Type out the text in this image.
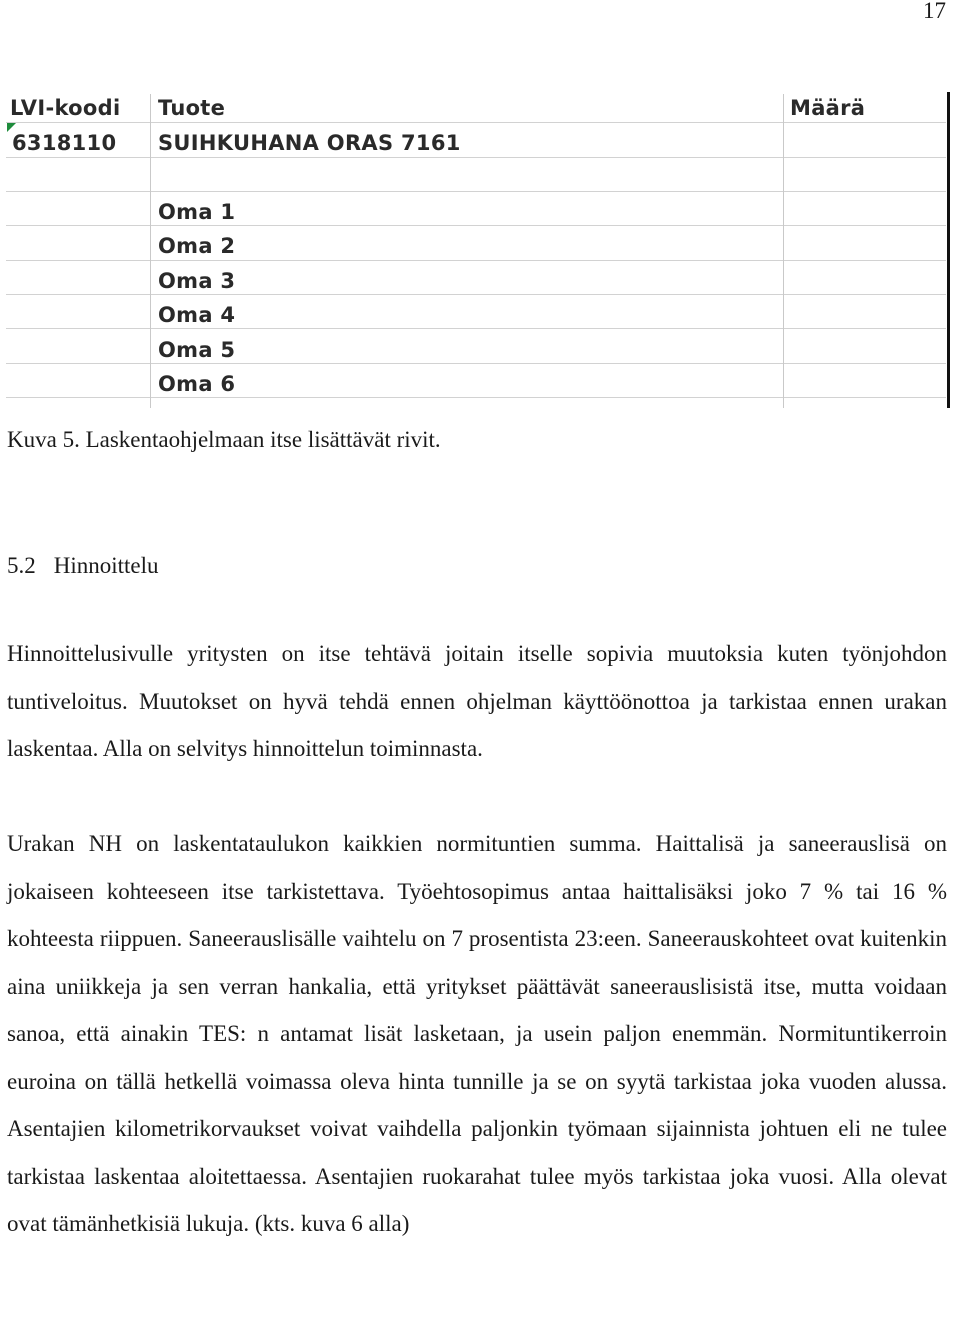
17
LVI-koodi Tuote	Määrä
6318110 SUIHKUHANA ORAS 7161
Oma 1
Oma 2
Oma 3
Oma 4
Oma 5
Oma 6
Kuva 5. Laskentaohjelmaan itse lisättävät rivit.
5.2 Hinnoittelu

Hinnoittelusivulle yritysten on itse tehtävä joitain itselle sopivia muutoksia kuten työnjohdon tuntiveloitus. Muutokset on hyvä tehdä ennen ohjelman käyttöönottoa ja tarkistaa ennen urakan laskentaa. Alla on selvitys hinnoittelun toiminnasta.

Urakan NH on laskentataulukon kaikkien normituntien summa. Haittalisä ja saneerauslisä on jokaiseen kohteeseen itse tarkistettava. Työehtosopimus antaa haittalisäksi joko 7 % tai 16 % kohteesta riippuen. Saneerauslisälle vaihtelu on 7 prosentista 23:een. Saneerauskohteet ovat kuitenkin aina uniikkeja ja sen verran hankalia, että yritykset päättävät saneerauslisistä itse, mutta voidaan sanoa, että ainakin TES: n antamat lisät lasketaan, ja usein paljon enemmän. Normituntikerroin euroina on tällä hetkellä voimassa oleva hinta tunnille ja se on syytä tarkistaa joka vuoden alussa. Asentajien kilometrikorvaukset voivat vaihdella paljonkin työmaan sijainnista johtuen eli ne tulee tarkistaa laskentaa aloitettaessa. Asentajien ruokarahat tulee myös tarkistaa joka vuosi. Alla olevat ovat tämänhetkisiä lukuja. (kts. kuva 6 alla)
